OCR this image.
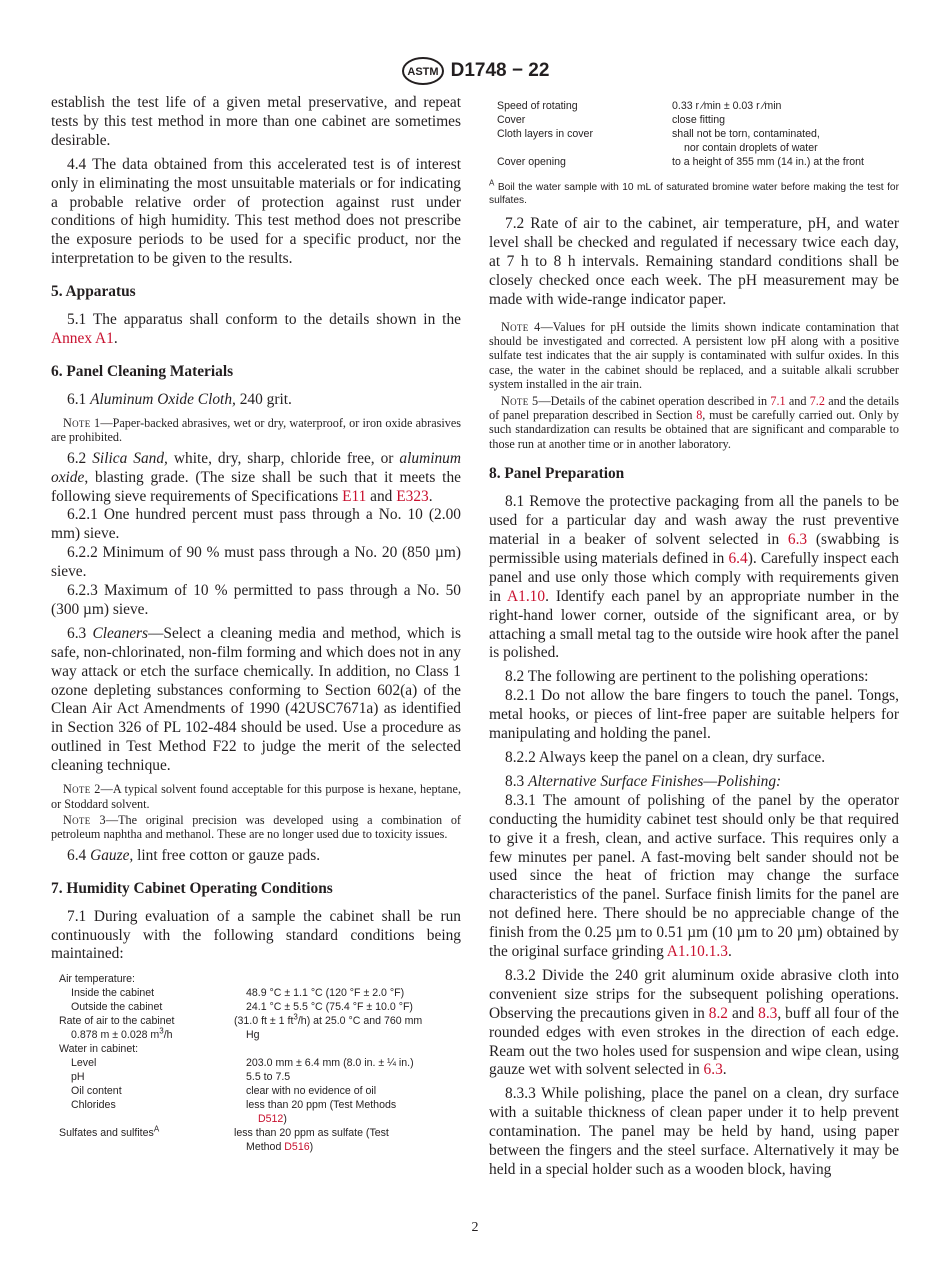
ASTM D1748 − 22

establish the test life of a given metal preservative, and repeat tests by this test method in more than one cabinet are sometimes desirable.

4.4 The data obtained from this accelerated test is of interest only in eliminating the most unsuitable materials or for indicating a probable relative order of protection against rust under conditions of high humidity. This test method does not prescribe the exposure periods to be used for a specific product, nor the interpretation to be given to the results.

5. Apparatus

5.1 The apparatus shall conform to the details shown in the Annex A1.

6. Panel Cleaning Materials

6.1 Aluminum Oxide Cloth, 240 grit.

Note 1—Paper-backed abrasives, wet or dry, waterproof, or iron oxide abrasives are prohibited.

6.2 Silica Sand, white, dry, sharp, chloride free, or aluminum oxide, blasting grade. (The size shall be such that it meets the following sieve requirements of Specifications E11 and E323.

6.2.1 One hundred percent must pass through a No. 10 (2.00 mm) sieve.

6.2.2 Minimum of 90 % must pass through a No. 20 (850 µm) sieve.

6.2.3 Maximum of 10 % permitted to pass through a No. 50 (300 µm) sieve.

6.3 Cleaners—Select a cleaning media and method, which is safe, non-chlorinated, non-film forming and which does not in any way attack or etch the surface chemically. In addition, no Class 1 ozone depleting substances conforming to Section 602(a) of the Clean Air Act Amendments of 1990 (42USC7671a) as identified in Section 326 of PL 102-484 should be used. Use a procedure as outlined in Test Method F22 to judge the merit of the selected cleaning technique.

Note 2—A typical solvent found acceptable for this purpose is hexane, heptane, or Stoddard solvent.

Note 3—The original precision was developed using a combination of petroleum naphtha and methanol. These are no longer used due to toxicity issues.

6.4 Gauze, lint free cotton or gauze pads.

7. Humidity Cabinet Operating Conditions

7.1 During evaluation of a sample the cabinet shall be run continuously with the following standard conditions being maintained:

Air temperature:
Inside the cabinet	48.9 °C ± 1.1 °C (120 °F ± 2.0 °F)
Outside the cabinet	24.1 °C ± 5.5 °C (75.4 °F ± 10.0 °F)
Rate of air to the cabinet	(31.0 ft ± 1 $ft^3/h$) at 25.0 °C and 760 mm
0.878 m ± 0.028 $m^3/h$	Hg
Water in cabinet:
Level	203.0 mm ± 6.4 mm (8.0 in. ± ¼ in.)
pH	5.5 to 7.5
Oil content	clear with no evidence of oil
Chlorides	less than 20 ppm (Test Methods
D512)
Sulfates and sulfites$^A$	less than 20 ppm as sulfate (Test
Method D516)
Speed of rotating	0.33 r ⁄min ± 0.03 r ⁄min
Cover	close fitting
Cloth layers in cover	shall not be torn, contaminated,
nor contain droplets of water
Cover opening	to a height of 355 mm (14 in.) at the front

$^A$ Boil the water sample with 10 mL of saturated bromine water before making the test for sulfates.

7.2 Rate of air to the cabinet, air temperature, pH, and water level shall be checked and regulated if necessary twice each day, at 7 h to 8 h intervals. Remaining standard conditions shall be closely checked once each week. The pH measurement may be made with wide-range indicator paper.

Note 4—Values for pH outside the limits shown indicate contamination that should be investigated and corrected. A persistent low pH along with a positive sulfate test indicates that the air supply is contaminated with sulfur oxides. In this case, the water in the cabinet should be replaced, and a suitable alkali scrubber system installed in the air train.

Note 5—Details of the cabinet operation described in 7.1 and 7.2 and the details of panel preparation described in Section 8, must be carefully carried out. Only by such standardization can results be obtained that are significant and comparable to those run at another time or in another laboratory.

8. Panel Preparation

8.1 Remove the protective packaging from all the panels to be used for a particular day and wash away the rust preventive material in a beaker of solvent selected in 6.3 (swabbing is permissible using materials defined in 6.4). Carefully inspect each panel and use only those which comply with requirements given in A1.10. Identify each panel by an appropriate number in the right-hand lower corner, outside of the significant area, or by attaching a small metal tag to the outside wire hook after the panel is polished.

8.2 The following are pertinent to the polishing operations:

8.2.1 Do not allow the bare fingers to touch the panel. Tongs, metal hooks, or pieces of lint-free paper are suitable helpers for manipulating and holding the panel.

8.2.2 Always keep the panel on a clean, dry surface.

8.3 Alternative Surface Finishes—Polishing:

8.3.1 The amount of polishing of the panel by the operator conducting the humidity cabinet test should only be that required to give it a fresh, clean, and active surface. This requires only a few minutes per panel. A fast-moving belt sander should not be used since the heat of friction may change the surface characteristics of the panel. Surface finish limits for the panel are not defined here. There should be no appreciable change of the finish from the 0.25 µm to 0.51 µm (10 µm to 20 µm) obtained by the original surface grinding A1.10.1.3.

8.3.2 Divide the 240 grit aluminum oxide abrasive cloth into convenient size strips for the subsequent polishing operations. Observing the precautions given in 8.2 and 8.3, buff all four of the rounded edges with even strokes in the direction of each edge. Ream out the two holes used for suspension and wipe clean, using gauze wet with solvent selected in 6.3.

8.3.3 While polishing, place the panel on a clean, dry surface with a suitable thickness of clean paper under it to help prevent contamination. The panel may be held by hand, using paper between the fingers and the steel surface. Alternatively it may be held in a special holder such as a wooden block, having

2
